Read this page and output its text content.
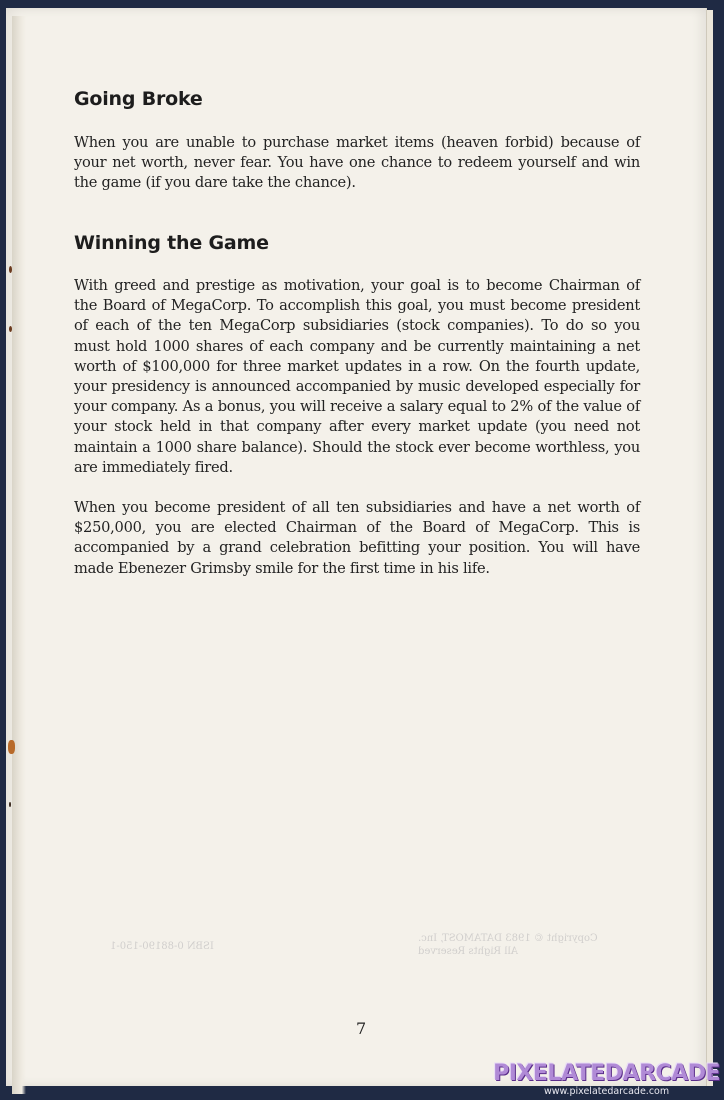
Going Broke

When you are unable to purchase market items (heaven forbid) because of your net worth, never fear. You have one chance to redeem yourself and win the game (if you dare take the chance).

Winning the Game

With greed and prestige as motivation, your goal is to become Chairman of the Board of MegaCorp. To accomplish this goal, you must become president of each of the ten MegaCorp subsidiaries (stock companies). To do so you must hold 1000 shares of each company and be currently maintaining a net worth of $100,000 for three market updates in a row. On the fourth update, your presidency is announced accompanied by music developed especially for your company. As a bonus, you will receive a salary equal to 2% of the value of your stock held in that company after every market update (you need not maintain a 1000 share balance). Should the stock ever become worthless, you are immediately fired.

When you become president of all ten subsidiaries and have a net worth of $250,000, you are elected Chairman of the Board of MegaCorp. This is accompanied by a grand celebration befitting your position. You will have made Ebenezer Grimsby smile for the first time in his life.

Copyright © 1983 DATAMOST, Inc.
All Rights Reserved
ISBN 0-88190-150-1
7
PIXELATEDARCADE
www.pixelatedarcade.com
